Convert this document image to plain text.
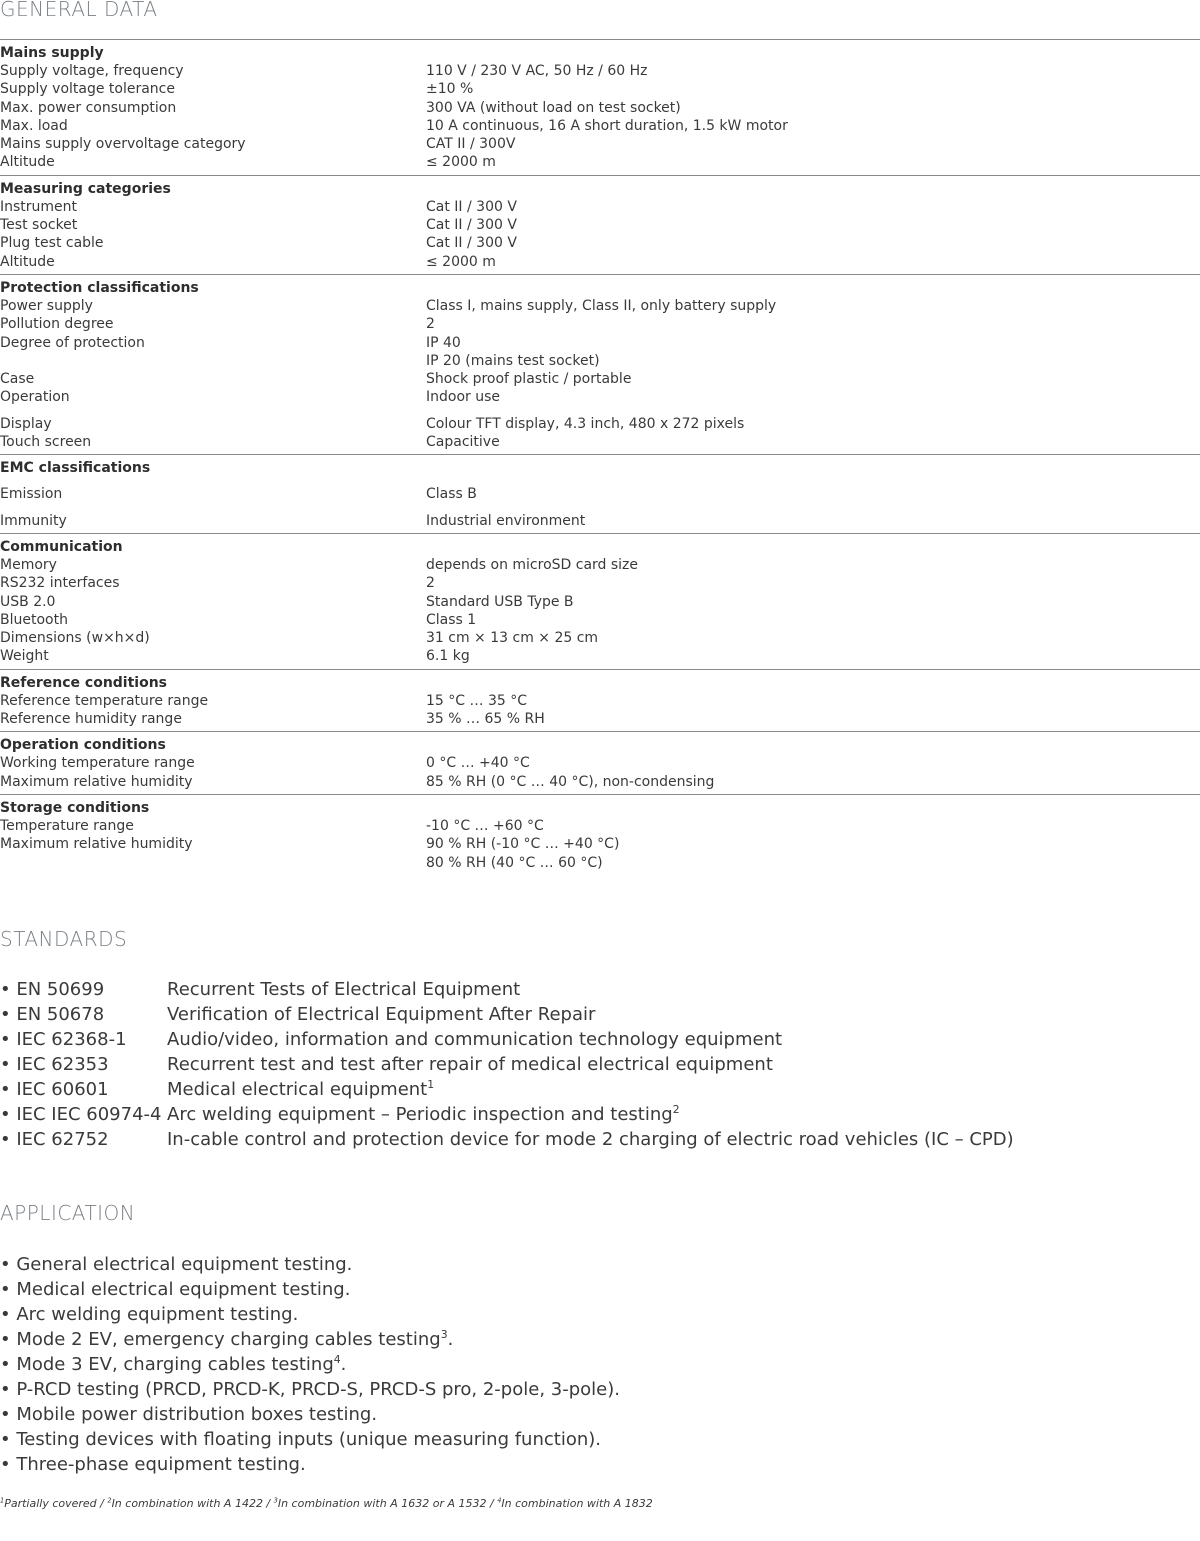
GENERAL DATA
Mains supply
Supply voltage, frequency	110 V / 230 V AC, 50 Hz / 60 Hz
Supply voltage tolerance	±10 %
Max. power consumption	300 VA (without load on test socket)
Max. load	10 A continuous, 16 A short duration, 1.5 kW motor
Mains supply overvoltage category	CAT II / 300V
Altitude	≤ 2000 m
Measuring categories
Instrument	Cat II / 300 V
Test socket	Cat II / 300 V
Plug test cable	Cat II / 300 V
Altitude	≤ 2000 m
Protection classifications
Power supply	Class I, mains supply, Class II, only battery supply
Pollution degree	2
Degree of protection	IP 40
IP 20 (mains test socket)
Case	Shock proof plastic / portable
Operation	Indoor use
Display	Colour TFT display, 4.3 inch, 480 x 272 pixels
Touch screen	Capacitive
EMC classifications
Emission	Class B
Immunity	Industrial environment
Communication
Memory	depends on microSD card size
RS232 interfaces	2
USB 2.0	Standard USB Type B
Bluetooth	Class 1
Dimensions (w×h×d)	31 cm × 13 cm × 25 cm
Weight	6.1 kg
Reference conditions
Reference temperature range	15 °C … 35 °C
Reference humidity range	35 % … 65 % RH
Operation conditions
Working temperature range	0 °C … +40 °C
Maximum relative humidity	85 % RH (0 °C … 40 °C), non-condensing
Storage conditions
Temperature range	-10 °C … +60 °C
Maximum relative humidity	90 % RH (-10 °C … +40 °C)
80 % RH (40 °C … 60 °C)
STANDARDS
• EN 50699	Recurrent Tests of Electrical Equipment
• EN 50678	Verification of Electrical Equipment After Repair
• IEC 62368-1	Audio/video, information and communication technology equipment
• IEC 62353	Recurrent test and test after repair of medical electrical equipment
• IEC 60601	Medical electrical equipment$^1$
• IEC IEC 60974-4 Arc welding equipment – Periodic inspection and testing$^2$
• IEC 62752	In-cable control and protection device for mode 2 charging of electric road vehicles (IC – CPD)
APPLICATION
• General electrical equipment testing.
• Medical electrical equipment testing.
• Arc welding equipment testing.
• Mode 2 EV, emergency charging cables testing$^3$.
• Mode 3 EV, charging cables testing$^4$.
• P-RCD testing (PRCD, PRCD-K, PRCD-S, PRCD-S pro, 2-pole, 3-pole).
• Mobile power distribution boxes testing.
• Testing devices with floating inputs (unique measuring function).
• Three-phase equipment testing.
$^1$Partially covered / $^2$In combination with A 1422 / $^3$In combination with A 1632 or A 1532 / $^4$In combination with A 1832
